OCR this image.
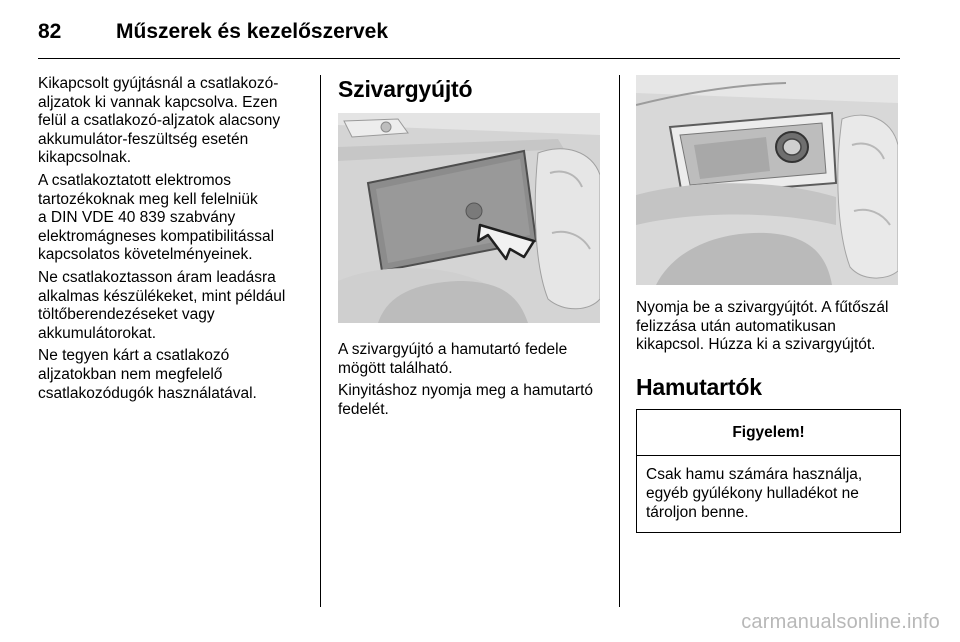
82	Műszerek és kezelőszervek

Kikapcsolt gyújtásnál a csatlakozó-
aljzatok ki vannak kapcsolva. Ezen
felül a csatlakozó-aljzatok alacsony
akkumulátor-feszültség esetén
kikapcsolnak.

A csatlakoztatott elektromos
tartozékoknak meg kell felelniük
a DIN VDE 40 839 szabvány
elektromágneses kompatibilitással
kapcsolatos követelményeinek.

Ne csatlakoztasson áram leadásra
alkalmas készülékeket, mint például
töltőberendezéseket vagy
akkumulátorokat.

Ne tegyen kárt a csatlakozó
aljzatokban nem megfelelő
csatlakozódugók használatával.

Szivargyújtó

A szivargyújtó a hamutartó fedele
mögött található.

Kinyitáshoz nyomja meg a hamutartó
fedelét.

Nyomja be a szivargyújtót. A fűtőszál
felizzása után automatikusan
kikapcsol. Húzza ki a szivargyújtót.

Hamutartók
Figyelem!
Csak hamu számára használja,
egyéb gyúlékony hulladékot ne
tároljon benne.
carmanualsonline.info
